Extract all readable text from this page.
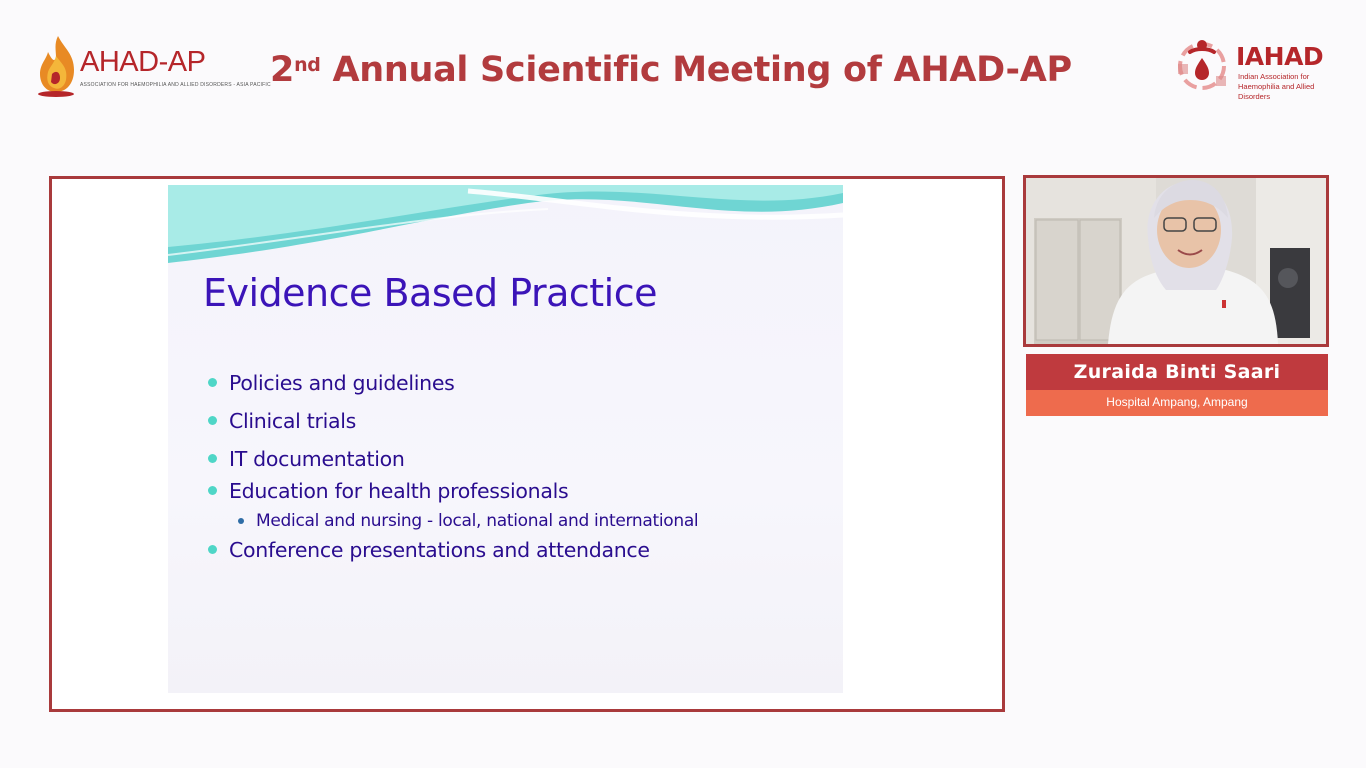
AHAD-AP
ASSOCIATION FOR HAEMOPHILIA AND ALLIED DISORDERS - ASIA PACIFIC 2nd Annual Scientific Meeting of AHAD-AP	IAHAD
Indian Association for Haemophilia and Allied Disorders
Evidence Based Practice
Policies and guidelines
Clinical trials
IT documentation
Education for health professionals
Medical and nursing - local, national and international
Conference presentations and attendance
Zuraida Binti Saari
Hospital Ampang, Ampang
